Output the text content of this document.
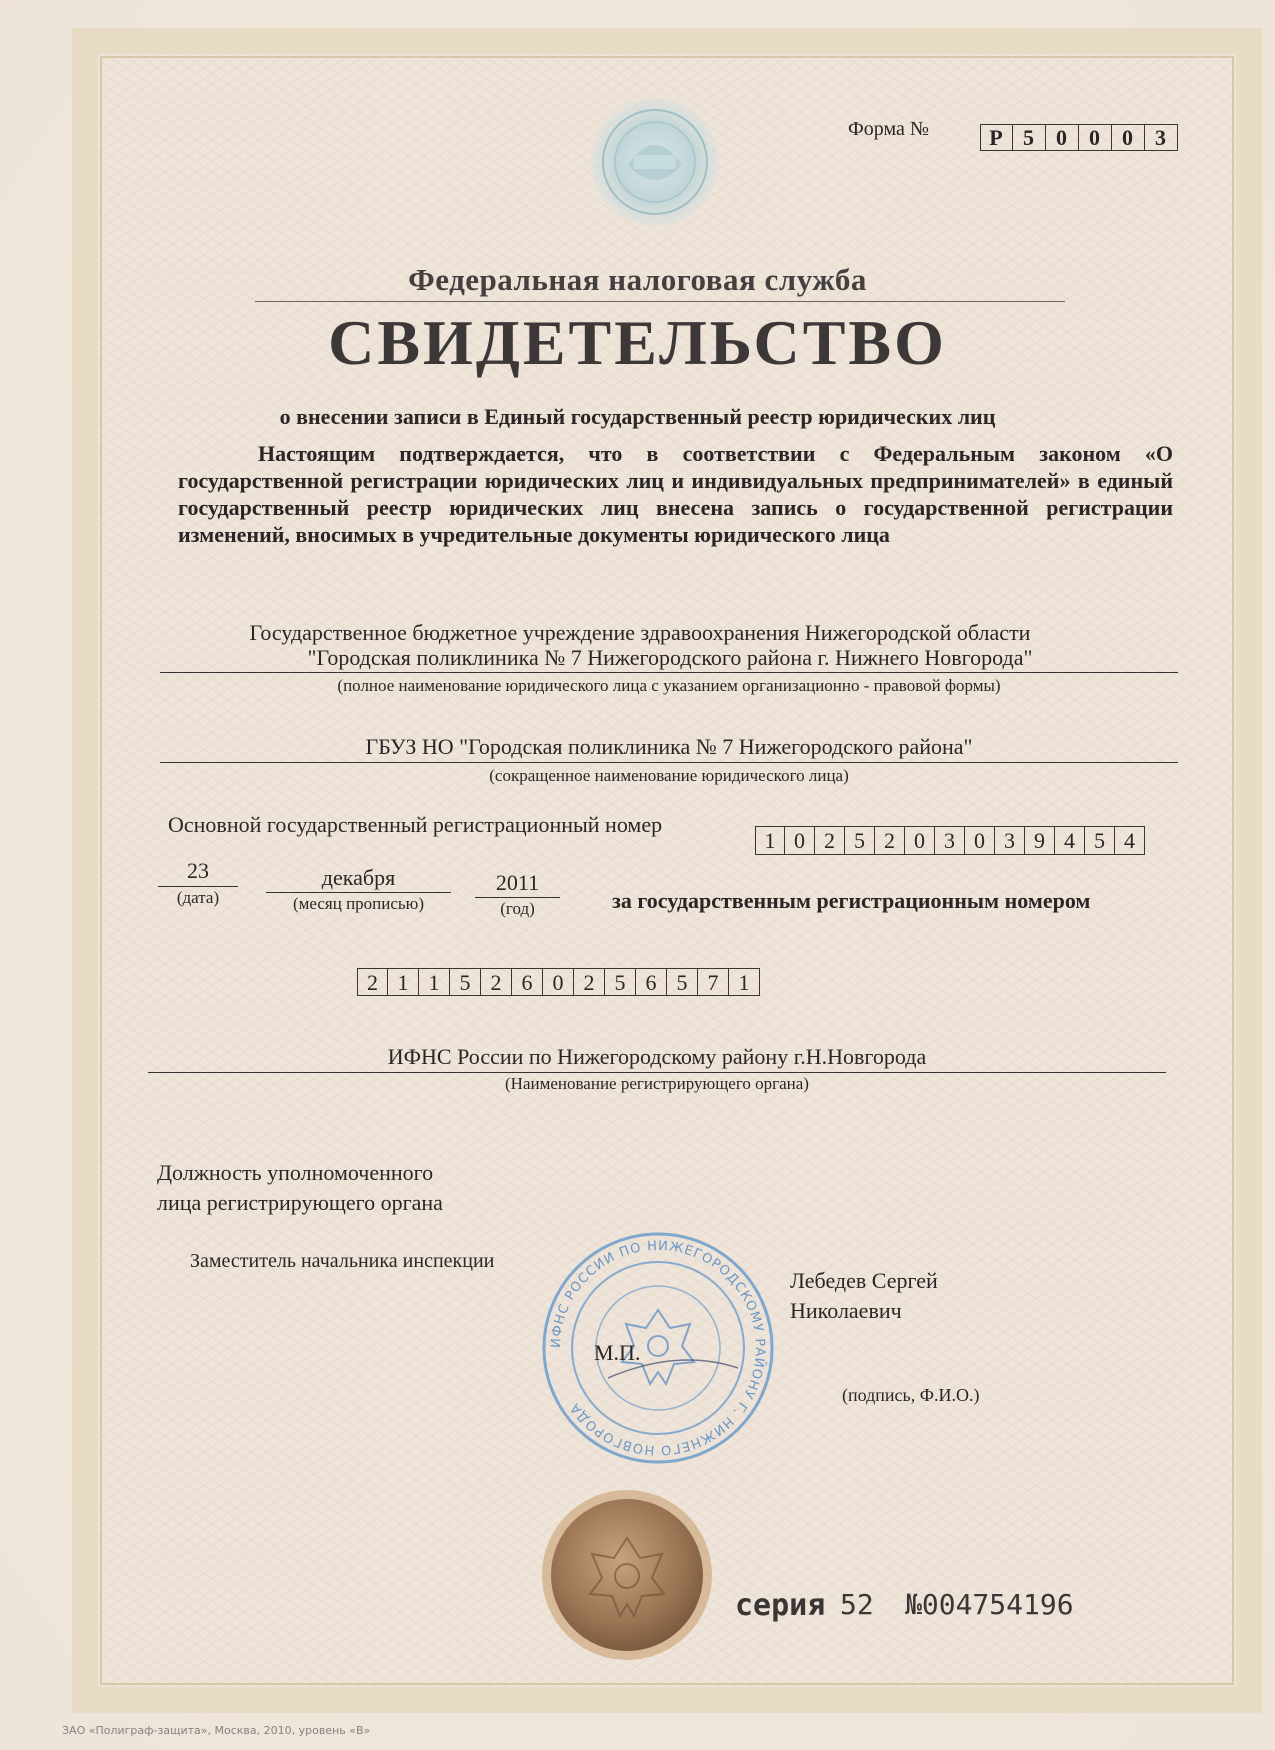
Форма №	Р 5 0 0 0 3
Федеральная налоговая служба
СВИДЕТЕЛЬСТВО
о внесении записи в Единый государственный реестр юридических лиц
Настоящим подтверждается, что в соответствии с Федеральным законом «О государственной регистрации юридических лиц и индивидуальных предпринимателей» в единый государственный реестр юридических лиц внесена запись о государственной регистрации изменений, вносимых в учредительные документы юридического лица
Государственное бюджетное учреждение здравоохранения Нижегородской области
"Городская поликлиника № 7 Нижегородского района г. Нижнего Новгорода"
(полное наименование юридического лица с указанием организационно - правовой формы)
ГБУЗ НО "Городская поликлиника № 7 Нижегородского района"
(сокращенное наименование юридического лица)
Основной государственный регистрационный номер
1 0 2 5 2 0 3 0 3 9 4 5 4
23
(дата)
декабря
(месяц прописью)
2011
(год)	за государственным регистрационным номером
2 1 1 5 2 6 0 2 5 6 5 7 1
ИФНС России по Нижегородскому району г.Н.Новгорода
(Наименование регистрирующего органа)
Должность уполномоченного
лица регистрирующего органа
Заместитель начальника инспекции
Лебедев Сергей
Николаевич
ИФНС РОССИИ ПО НИЖЕГОРОДСКОМУ РАЙОНУ Г. НИЖНЕГО НОВГОРОДА
М.П.
(подпись, Ф.И.О.)
серия 52 №004754196
ЗАО «Полиграф-защита», Москва, 2010, уровень «В»
